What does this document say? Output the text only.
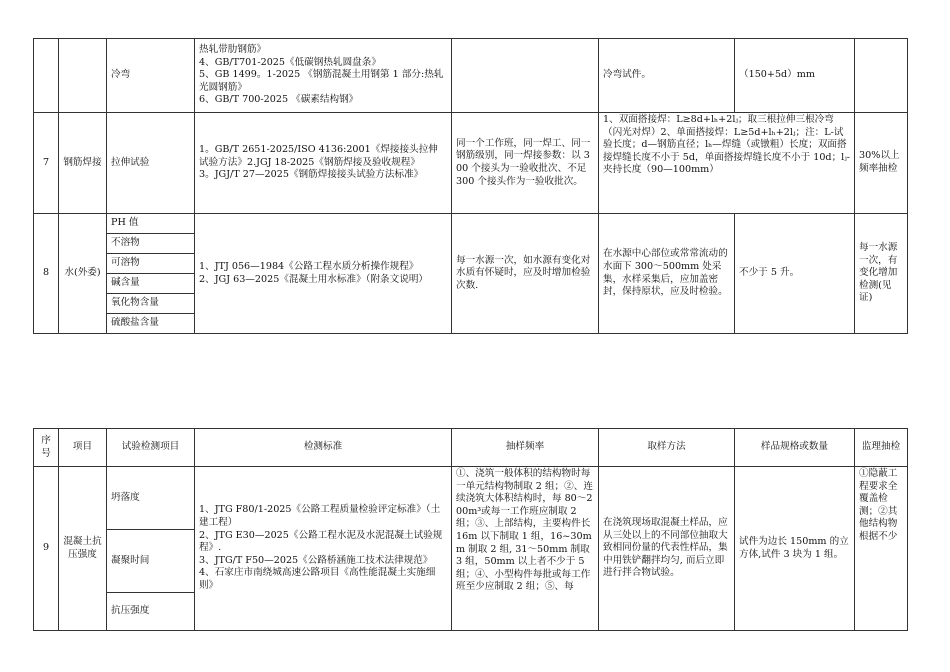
		冷弯	热轧带肋钢筋》
4、GB/T701-2025《低碳钢热轧圆盘条》
5、GB 1499。1-2025 《钢筋混凝土用钢第 1 部分:热轧光圆钢筋》
6、GB/T 700-2025 《碳素结构钢》		冷弯试件。	（150+5d）mm	
7	钢筋焊接	拉伸试验	1。GB/T 2651-2025/ISO 4136:2001《焊接接头拉伸试验方法》2.JGJ 18-2025《钢筋焊接及验收规程》
3。JGJ/T 27—2025《钢筋焊接接头试验方法标准》	同一个工作班，同一焊工、同一钢筋级别，同一焊接参数：以 300 个接头为一验收批次、不足 300 个接头作为一验收批次。	1、双面搭接焊：L≥8d+lₕ+2lⱼ；取三根拉伸三根冷弯（闪光对焊）2、单面搭接焊：L≥5d+lₕ+2lⱼ；注：L-试验长度；d—钢筋直径；lₕ—焊缝（或镦粗）长度；双面搭接焊缝长度不小于 5d，单面搭接焊缝长度不小于 10d；lⱼ-夹持长度（90—100mm）		30%以上频率抽检
8	水(外委)	PH 值	1、JTJ 056—1984《公路工程水质分析操作规程》
2、JGJ 63—2025《混凝土用水标准》（附条文说明）	每一水源一次，如水源有变化对水质有怀疑时，应及时增加检验次数.	在水源中心部位或常常流动的水面下 300～500mm 处采集，水样采集后，应加盖密封，保持原状，应及时检验。	不少于 5 升。	每一水源一次，有变化增加检测(见证)
		不溶物					
		可溶物					
		碱含量					
		氧化物含量					
		硫酸盐含量					
序号	项目	试验检测项目	检测标准	抽样频率	取样方法	样品规格或数量	监理抽检
9	混凝土抗压强度	坍落度	1、JTG F80/1-2025《公路工程质量检验评定标准》（土建工程）
2、JTG E30—2025《公路工程水泥及水泥混凝土试验规程》.
3、JTG/T F50—2025《公路桥涵施工技术法律规范》
4、石家庄市南绕城高速公路项目《高性能混凝土实施细则》	①、浇筑一般体积的结构物时每一单元结构物制取 2 组；②、连续浇筑大体积结构时，每 80～200m³或每一工作班应制取 2 组；③、上部结构，主要构件长 16m 以下制取 1 组，16~30mm 制取 2 组, 31～50mm 制取 3 组，50mm 以上者不少于 5 组；④、小型构件每批或每工作班至少应制取 2 组；⑤、每	在浇筑现场取混凝土样品，应从三处以上的不同部位抽取大致相同份量的代表性样品，集中用铁铲翻拌均匀, 而后立即进行拌合物试验。	试件为边长 150mm 的立方体,试件 3 块为 1 组。	①隐蔽工程要求全覆盖检测；②其他结构物根据不少
		凝聚时间					
		抗压强度					
